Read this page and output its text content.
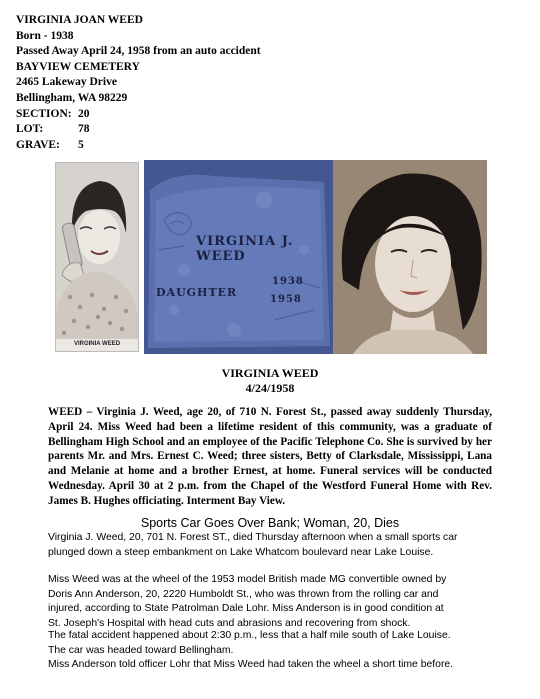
VIRGINIA JOAN WEED
Born - 1938
Passed Away April 24, 1958 from an auto accident
BAYVIEW CEMETERY
2465 Lakeway Drive
Bellingham, WA 98229
SECTION: 20
LOT:	78
GRAVE: 5
VIRGINIA WEED
VIRGINIA J. WEED
DAUGHTER
1938
1958
VIRGINIA WEED
4/24/1958

WEED – Virginia J. Weed, age 20, of 710 N. Forest St., passed away suddenly Thursday, April 24. Miss Weed had been a lifetime resident of this community, was a graduate of Bellingham High School and an employee of the Pacific Telephone Co. She is survived by her parents Mr. and Mrs. Ernest C. Weed; three sisters, Betty of Clarksdale, Mississippi, Lana and Melanie at home and a brother Ernest, at home. Funeral services will be conducted Wednesday. April 30 at 2 p.m. from the Chapel of the Westford Funeral Home with Rev. James B. Hughes officiating. Interment Bay View.

Sports Car Goes Over Bank; Woman, 20, Dies
Virginia J. Weed, 20, 701 N. Forest ST., died Thursday afternoon when a small sports car
plunged down a steep embankment on Lake Whatcom boulevard near Lake Louise.
Miss Weed was at the wheel of the 1953 model British made MG convertible owned by
Doris Ann Anderson, 20, 2220 Humboldt St., who was thrown from the rolling car and
injured, according to State Patrolman Dale Lohr. Miss Anderson is in good condition at
St. Joseph's Hospital with head cuts and abrasions and recovering from shock.
The fatal accident happened about 2:30 p.m., less that a half mile south of Lake Louise.
The car was headed toward Bellingham.
Miss Anderson told officer Lohr that Miss Weed had taken the wheel a short time before.
